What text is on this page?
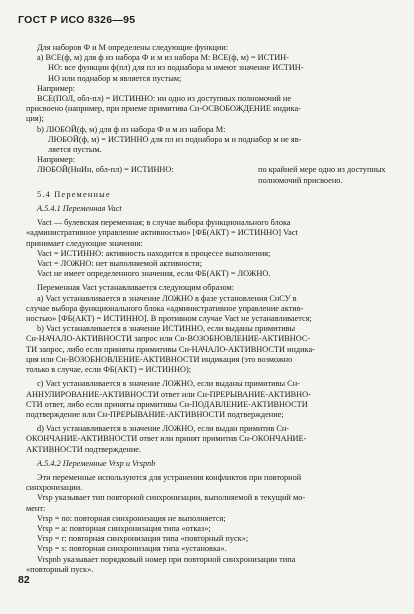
ГОСТ Р ИСО 8326—95
Для наборов Ф и M определены следующие функции:
а) ВСЕ(ф, м) для ф из набора Ф и м из набора М: ВСЕ(ф, м) = ИСТИН-
НО: все функции ф(пл) для пл из поднабора м имеют значение ИСТИН-
НО или поднабор м является пустым;
Например:
ВСЕ(ПОЛ, обл-пл) = ИСТИННО: ни одно из доступных полномочий не
присвоено (например, при приеме примитива Сн-ОСВОБОЖДЕНИЕ индика-
ция);
b) ЛЮБОЙ(ф, м) для ф из набора Ф и м из набора М:
ЛЮБОЙ(ф, м) = ИСТИННО для пл из поднабора м и поднабор м не яв-
ляется пустым.
Например:
ЛЮБОЙ(НнИн, обл-пл) = ИСТИННО:	по крайней мере одно из доступных полномочий присвоено.
5.4 Переменные
A.5.4.1 Переменная Vact
Vact — булевская переменная; в случае выбора функционального блока
«административное управление активностью» [ФБ(АКТ) = ИСТИННО] Vact
принимает следующие значения:
Vact = ИСТИННО: активность находится в процессе выполнения;
Vact = ЛОЖНО: нет выполняемой активности;
Vact не имеет определенного значения, если ФБ(АКТ) = ЛОЖНО.
Переменная Vact устанавливается следующим образом:
а) Vact устанавливается в значение ЛОЖНО в фазе установления СнСУ в
случае выбора функционального блока «административное управление актив-
ностью» [ФБ(АКТ) = ИСТИННО]. В противном случае Vact не устанавливается;
b) Vact устанавливается в значение ИСТИННО, если выданы примитивы
Сн-НАЧАЛО-АКТИВНОСТИ запрос или Сн-ВОЗОБНОВЛЕНИЕ-АКТИВНОС-
ТИ запрос, либо если приняты примитивы Сн-НАЧАЛО-АКТИВНОСТИ индика-
ция или Сн-ВОЗОБНОВЛЕНИЕ-АКТИВНОСТИ индикация (это возможно
только в случае, если ФБ(АКТ) = ИСТИННО);
с) Vact устанавливается в значение ЛОЖНО, если выданы примитивы Сн-
АННУЛИРОВАНИЕ-АКТИВНОСТИ ответ или Сн-ПРЕРЫВАНИЕ-АКТИВНО-
СТИ ответ, либо если приняты примитивы Сн-ПОДАВЛЕНИЕ-АКТИВНОСТИ
подтверждение или Сн-ПРЕРЫВАНИЕ-АКТИВНОСТИ подтверждение;
d) Vact устанавливается в значение ЛОЖНО, если выдан примитив Сн-
ОКОНЧАНИЕ-АКТИВНОСТИ ответ или принят примитив Сн-ОКОНЧАНИЕ-
АКТИВНОСТИ подтверждение.
A.5.4.2 Переменные Vrsp и Vrspnb
Эти переменные используются для устранения конфликтов при повторной
синхронизации.
Vrsp указывает тип повторной синхронизации, выполняемой в текущий мо-
мент:
Vrsp = no: повторная синхронизация не выполняется;
Vrsp = a: повторная синхронизация типа «отказ»;
Vrsp = r: повторная синхронизация типа «повторный пуск»;
Vrsp = s: повторная синхронизация типа «установка».
Vrspnb указывает порядковый номер при повторной синхронизации типа
«повторный пуск».
82
